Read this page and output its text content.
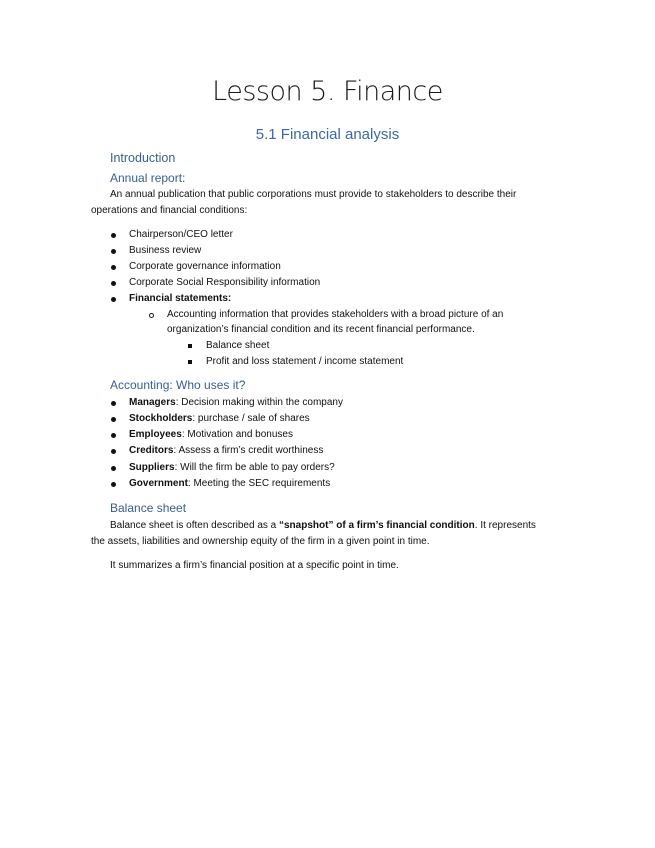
Lesson 5. Finance
5.1 Financial analysis
Introduction
Annual report:
An annual publication that public corporations must provide to stakeholders to describe their
operations and financial conditions:
Chairperson/CEO letter
Business review
Corporate governance information
Corporate Social Responsibility information
Financial statements:
Accounting information that provides stakeholders with a broad picture of an
organization’s financial condition and its recent financial performance.
Balance sheet
Profit and loss statement / income statement
Accounting: Who uses it?
Managers: Decision making within the company
Stockholders: purchase / sale of shares
Employees: Motivation and bonuses
Creditors: Assess a firm’s credit worthiness
Suppliers: Will the firm be able to pay orders?
Government: Meeting the SEC requirements
Balance sheet
Balance sheet is often described as a “snapshot” of a firm’s financial condition. It represents
the assets, liabilities and ownership equity of the firm in a given point in time.
It summarizes a firm’s financial position at a specific point in time.
